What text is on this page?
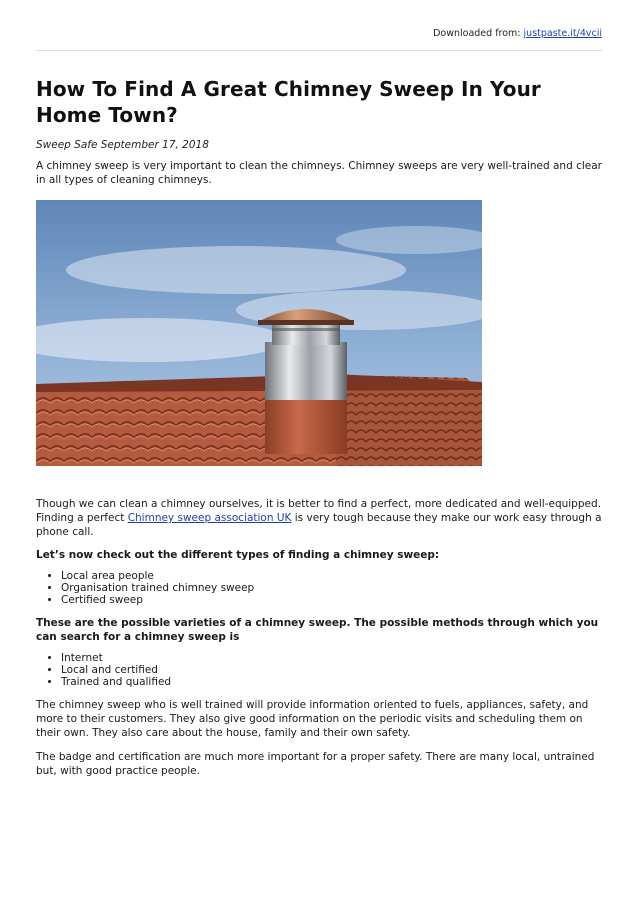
Downloaded from: justpaste.it/4vcii
How To Find A Great Chimney Sweep In Your Home Town?
Sweep Safe September 17, 2018

A chimney sweep is very important to clean the chimneys. Chimney sweeps are very well-trained and clear in all types of cleaning chimneys.

Though we can clean a chimney ourselves, it is better to find a perfect, more dedicated and well-equipped. Finding a perfect Chimney sweep association UK is very tough because they make our work easy through a phone call.

Let’s now check out the different types of finding a chimney sweep:

• Local area people
• Organisation trained chimney sweep
• Certified sweep

These are the possible varieties of a chimney sweep. The possible methods through which you can search for a chimney sweep is

• Internet
• Local and certified
• Trained and qualified

The chimney sweep who is well trained will provide information oriented to fuels, appliances, safety, and more to their customers. They also give good information on the periodic visits and scheduling them on their own. They also care about the house, family and their own safety.

The badge and certification are much more important for a proper safety. There are many local, untrained but, with good practice people.
